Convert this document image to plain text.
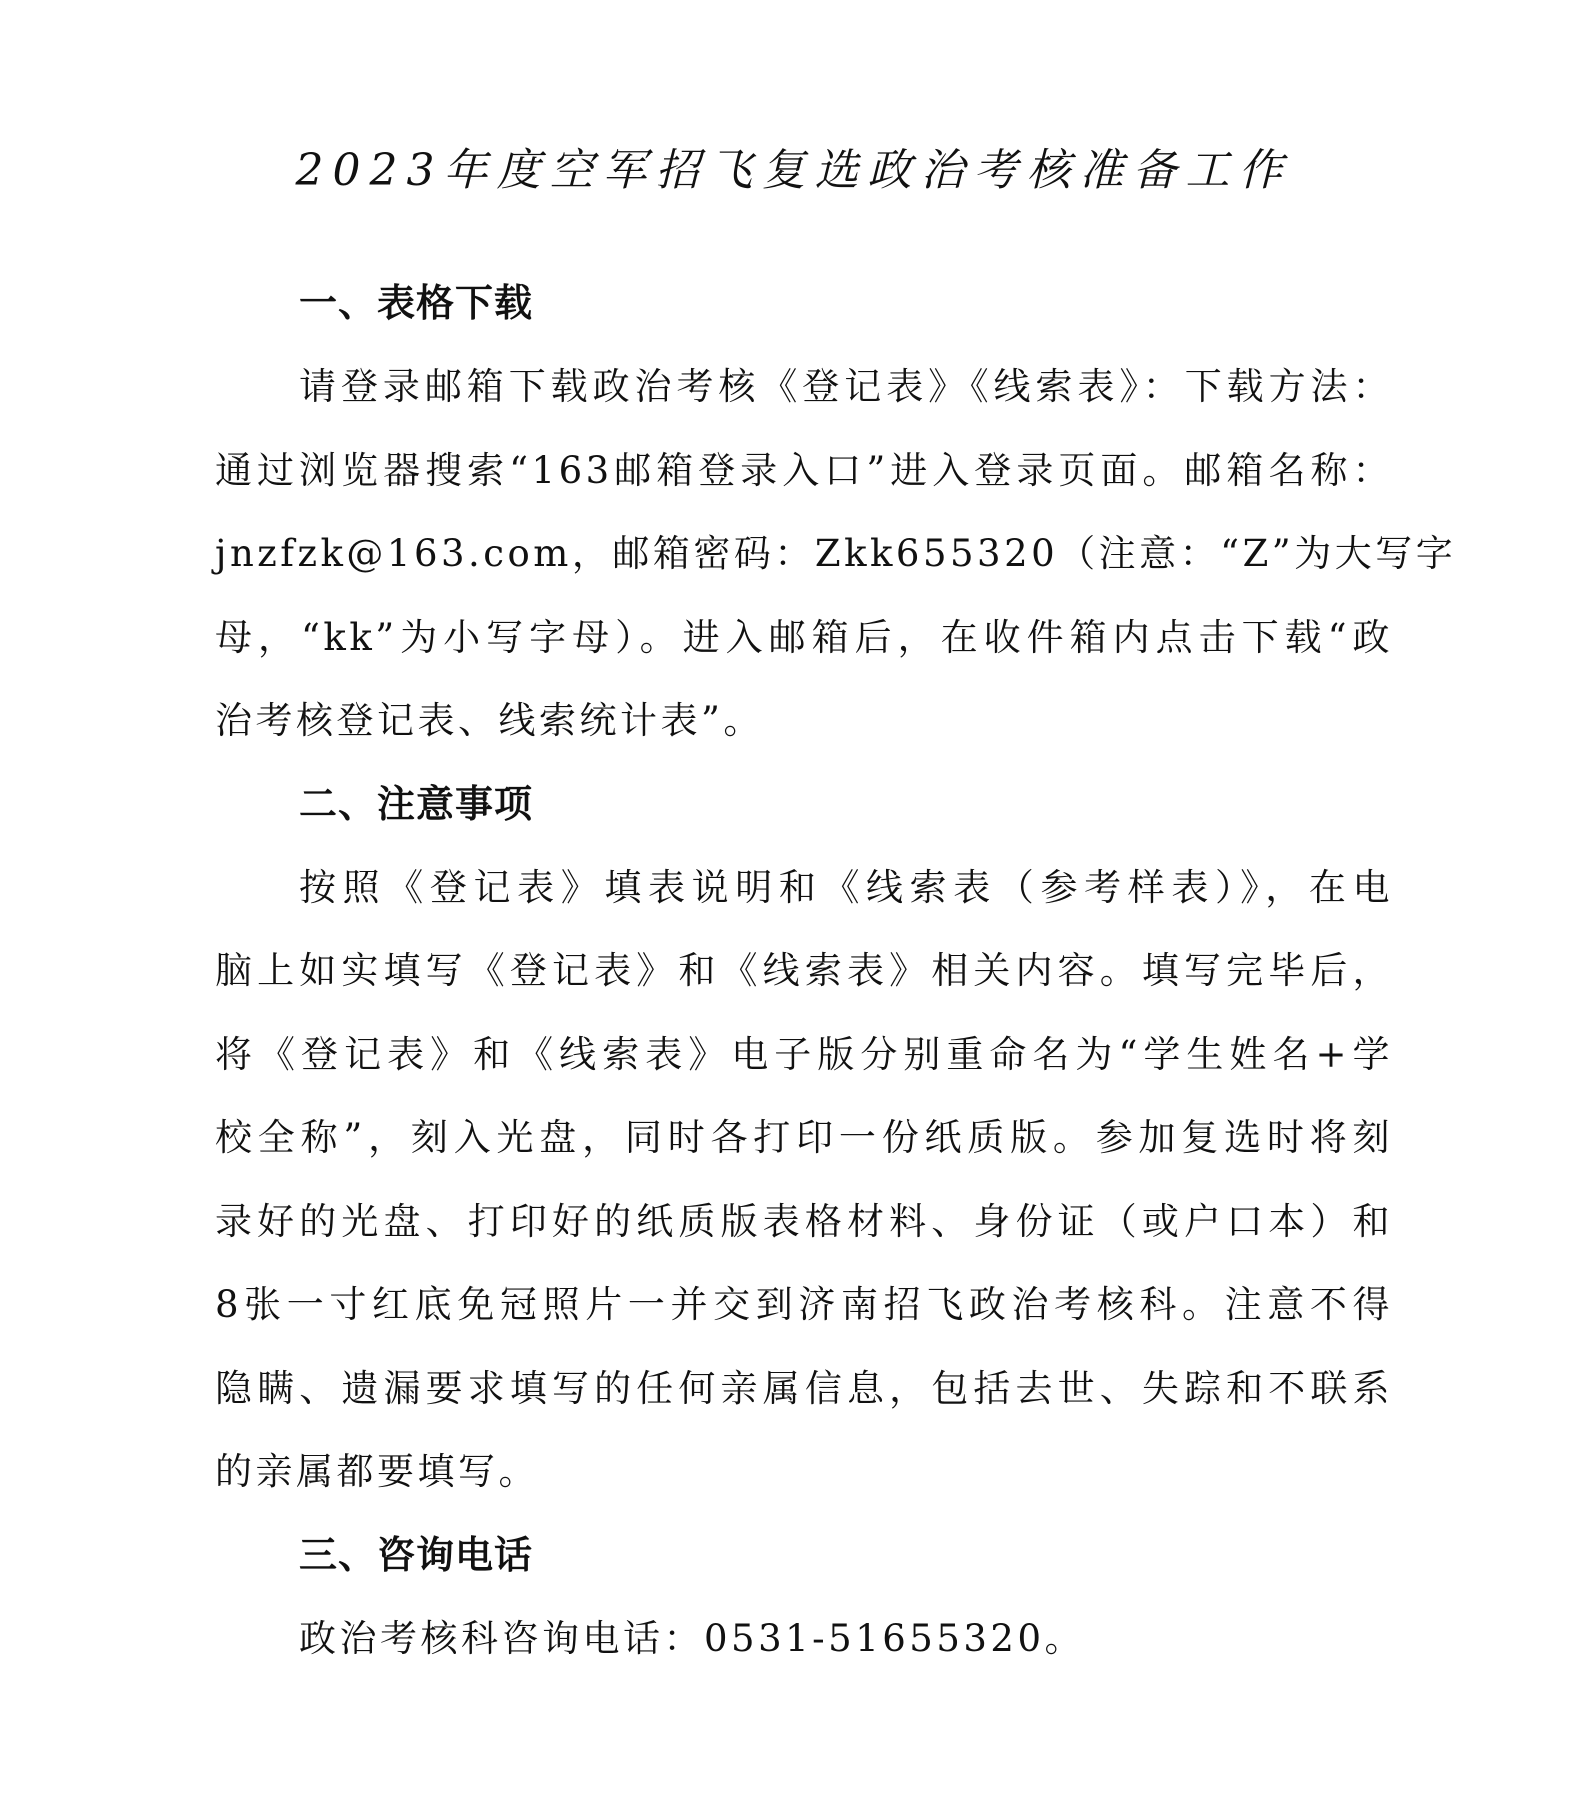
2023年度空军招飞复选政治考核准备工作
一、表格下载
请登录邮箱下载政治考核《登记表》《线索表》：下载方法：
通过浏览器搜索“163邮箱登录入口”进入登录页面。邮箱名称：
jnzfzk@163.com，邮箱密码：Zkk655320（注意：“Z”为大写字
母，“kk”为小写字母）。进入邮箱后，在收件箱内点击下载“政
治考核登记表、线索统计表”。
二、注意事项
按照《登记表》填表说明和《线索表（参考样表）》，在电
脑上如实填写《登记表》和《线索表》相关内容。填写完毕后，
将《登记表》和《线索表》电子版分别重命名为“学生姓名+学
校全称”，刻入光盘，同时各打印一份纸质版。参加复选时将刻
录好的光盘、打印好的纸质版表格材料、身份证（或户口本）和
8张一寸红底免冠照片一并交到济南招飞政治考核科。注意不得
隐瞒、遗漏要求填写的任何亲属信息，包括去世、失踪和不联系
的亲属都要填写。
三、咨询电话
政治考核科咨询电话：0531-51655320。
